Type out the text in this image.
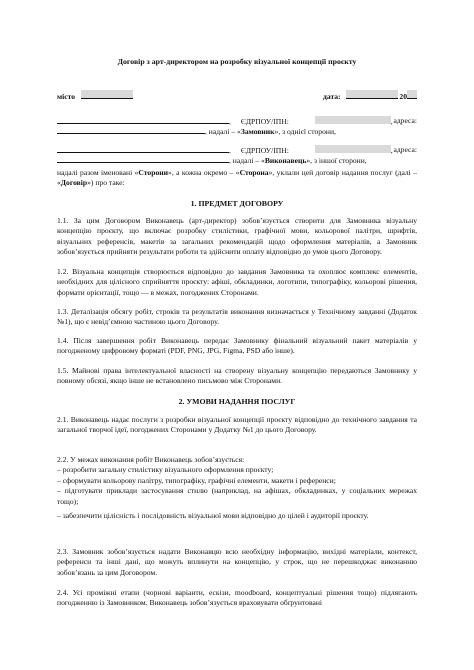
Договір з арт-директором на розробку візуальної концепції проєкту
місто	дата:	20
, ЄДРПОУ/ІПН:	, адреса:
, надалі – «Замовник», з однієї сторони,
, ЄДРПОУ/ІПН:	, адреса:
, надалі – «Виконавець», з іншої сторони,

надалі разом іменовані «Сторони», а кожна окремо – «Сторона», уклали цей договір надання послуг (далі – «Договір») про таке:

1. ПРЕДМЕТ ДОГОВОРУ

1.1. За цим Договором Виконавець (арт-директор) зобов’язується створити для Замовника візуальну концепцію проєкту, що включає розробку стилістики, графічної мови, кольорової палітри, шрифтів, візуальних референсів, макетів за загальних рекомендацій щодо оформлення матеріалів, а Замовник зобов’язується прийняти результати роботи та здійснити оплату відповідно до умов цього Договору.

1.2. Візуальна концепція створюється відповідно до завдання Замовника та охоплює комплекс елементів, необхідних для цілісного сприйняття проєкту: афіші, обкладинки, логотипи, типографіку, кольорові рішення, формати орієнтації, тощо — в межах, погоджених Сторонами.

1.3. Деталізація обсягу робіт, строків та результатів виконання визначається у Технічному завданні (Додаток №1), що є невід’ємною частиною цього Договору.

1.4. Після завершення робіт Виконавець передає Замовнику фінальний візуальний пакет матеріалів у погодженому цифровому форматі (PDF, PNG, JPG, Figma, PSD або інше).

1.5. Майнові права інтелектуальної власності на створену візуальну концепцію передаються Замовнику у повному обсязі, якщо інше не встановлено письмово між Сторонами.

2. УМОВИ НАДАННЯ ПОСЛУГ

2.1. Виконавець надає послуги з розробки візуальної концепції проєкту відповідно до технічного завдання та загальної творчої ідеї, погоджених Сторонами у Додатку №1 до цього Договору.

2.2. У межах виконання робіт Виконавець зобов’язується:

– розробити загальну стилістику візуального оформлення проєкту;

– сформувати кольорову палітру, типографіку, графічні елементи, макети і референси;

– підготувати приклади застосування стилю (наприклад, на афішах, обкладинках, у соціальних мережах тощо);

– забезпечити цілісність і послідовність візуальної мови відповідно до цілей і аудиторії проєкту.

2.3. Замовник зобов’язується надати Виконавцю всю необхідну інформацію, вихідні матеріали, контекст, референси та інші дані, що можуть вплинути на концепцію, у строк, що не перешкоджає виконанню зобов’язань за цим Договором.

2.4. Усі проміжні етапи (чорнові варіанти, ескізи, moodboard, концептуальні рішення тощо) підлягають погодженню із Замовником. Виконавець зобов’язується враховувати обґрунтовані
